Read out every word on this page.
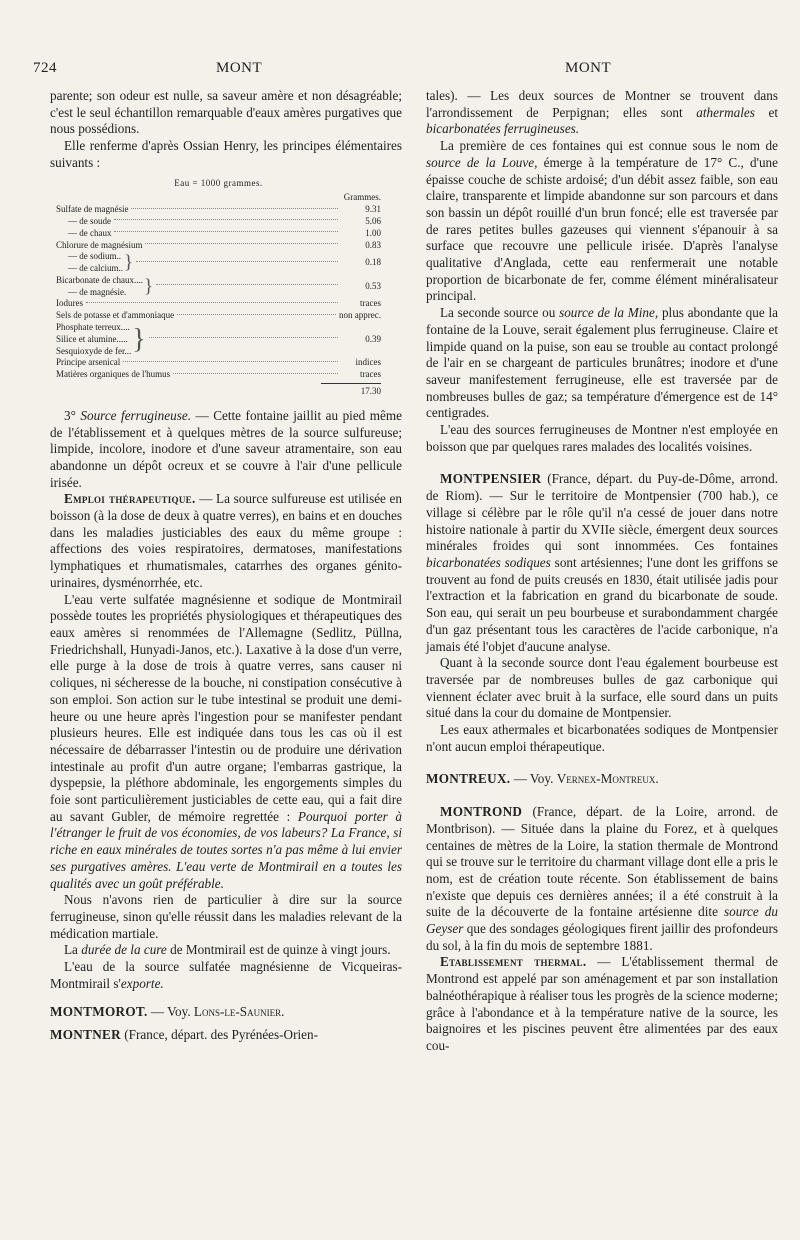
724	MONT	MONT

parente; son odeur est nulle, sa saveur amère et non désagréable; c'est le seul échantillon remarquable d'eaux amères purgatives que nous possédions.

Elle renferme d'après Ossian Henry, les principes élémentaires suivants :

Eau = 1000 grammes.
Grammes.
Sulfate de magnésie	9.31
— de soude	5.06
— de chaux	1.00
Chlorure de magnésium	0.83
— de sodium..
— de calcium.. }	0.18
Bicarbonate de chaux....
— de magnésie. }	0.53
Iodures	traces
Sels de potasse et d'ammoniaque	non apprec.
Phosphate terreux....
Silice et alumine.....
Sesquioxyde de fer... }	0.39
Principe arsenical	indices
Matières organiques de l'humus	traces
17.30

3° Source ferrugineuse. — Cette fontaine jaillit au pied même de l'établissement et à quelques mètres de la source sulfureuse; limpide, incolore, inodore et d'une saveur atramentaire, son eau abandonne un dépôt ocreux et se couvre à l'air d'une pellicule irisée.

Emploi thérapeutique. — La source sulfureuse est utilisée en boisson (à la dose de deux à quatre verres), en bains et en douches dans les maladies justiciables des eaux du même groupe : affections des voies respiratoires, dermatoses, manifestations lymphatiques et rhumatismales, catarrhes des organes génito-urinaires, dysménorrhée, etc.

L'eau verte sulfatée magnésienne et sodique de Montmirail possède toutes les propriétés physiologiques et thérapeutiques des eaux amères si renommées de l'Allemagne (Sedlitz, Püllna, Friedrichshall, Hunyadi-Janos, etc.). Laxative à la dose d'un verre, elle purge à la dose de trois à quatre verres, sans causer ni coliques, ni sécheresse de la bouche, ni constipation consécutive à son emploi. Son action sur le tube intestinal se produit une demi-heure ou une heure après l'ingestion pour se manifester pendant plusieurs heures. Elle est indiquée dans tous les cas où il est nécessaire de débarrasser l'intestin ou de produire une dérivation intestinale au profit d'un autre organe; l'embarras gastrique, la dyspepsie, la pléthore abdominale, les engorgements simples du foie sont particulièrement justiciables de cette eau, qui a fait dire au savant Gubler, de mémoire regrettée : Pourquoi porter à l'étranger le fruit de vos économies, de vos labeurs? La France, si riche en eaux minérales de toutes sortes n'a pas même à lui envier ses purgatives amères. L'eau verte de Montmirail en a toutes les qualités avec un goût préférable.

Nous n'avons rien de particulier à dire sur la source ferrugineuse, sinon qu'elle réussit dans les maladies relevant de la médication martiale.

La durée de la cure de Montmirail est de quinze à vingt jours.

L'eau de la source sulfatée magnésienne de Vicqueiras-Montmirail s'exporte.

MONTMOROT. — Voy. Lons-le-Saunier.

MONTNER (France, départ. des Pyrénées-Orien-

tales). — Les deux sources de Montner se trouvent dans l'arrondissement de Perpignan; elles sont athermales et bicarbonatées ferrugineuses.

La première de ces fontaines qui est connue sous le nom de source de la Louve, émerge à la température de 17° C., d'une épaisse couche de schiste ardoisé; d'un débit assez faible, son eau claire, transparente et limpide abandonne sur son parcours et dans son bassin un dépôt rouillé d'un brun foncé; elle est traversée par de rares petites bulles gazeuses qui viennent s'épanouir à sa surface que recouvre une pellicule irisée. D'après l'analyse qualitative d'Anglada, cette eau renfermerait une notable proportion de bicarbonate de fer, comme élément minéralisateur principal.

La seconde source ou source de la Mine, plus abondante que la fontaine de la Louve, serait également plus ferrugineuse. Claire et limpide quand on la puise, son eau se trouble au contact prolongé de l'air en se chargeant de particules brunâtres; inodore et d'une saveur manifestement ferrugineuse, elle est traversée par de nombreuses bulles de gaz; sa température d'émergence est de 14° centigrades.

L'eau des sources ferrugineuses de Montner n'est employée en boisson que par quelques rares malades des localités voisines.

MONTPENSIER (France, départ. du Puy-de-Dôme, arrond. de Riom). — Sur le territoire de Montpensier (700 hab.), ce village si célèbre par le rôle qu'il n'a cessé de jouer dans notre histoire nationale à partir du XVIIe siècle, émergent deux sources minérales froides qui sont innommées. Ces fontaines bicarbonatées sodiques sont artésiennes; l'une dont les griffons se trouvent au fond de puits creusés en 1830, était utilisée jadis pour l'extraction et la fabrication en grand du bicarbonate de soude. Son eau, qui serait un peu bourbeuse et surabondamment chargée d'un gaz présentant tous les caractères de l'acide carbonique, n'a jamais été l'objet d'aucune analyse.

Quant à la seconde source dont l'eau également bourbeuse est traversée par de nombreuses bulles de gaz carbonique qui viennent éclater avec bruit à la surface, elle sourd dans un puits situé dans la cour du domaine de Montpensier.

Les eaux athermales et bicarbonatées sodiques de Montpensier n'ont aucun emploi thérapeutique.

MONTREUX. — Voy. Vernex-Montreux.

MONTROND (France, départ. de la Loire, arrond. de Montbrison). — Située dans la plaine du Forez, et à quelques centaines de mètres de la Loire, la station thermale de Montrond qui se trouve sur le territoire du charmant village dont elle a pris le nom, est de création toute récente. Son établissement de bains n'existe que depuis ces dernières années; il a été construit à la suite de la découverte de la fontaine artésienne dite source du Geyser que des sondages géologiques firent jaillir des profondeurs du sol, à la fin du mois de septembre 1881.

Etablissement thermal. — L'établissement thermal de Montrond est appelé par son aménagement et par son installation balnéothérapique à réaliser tous les progrès de la science moderne; grâce à l'abondance et à la température native de la source, les baignoires et les piscines peuvent être alimentées par des eaux cou-
